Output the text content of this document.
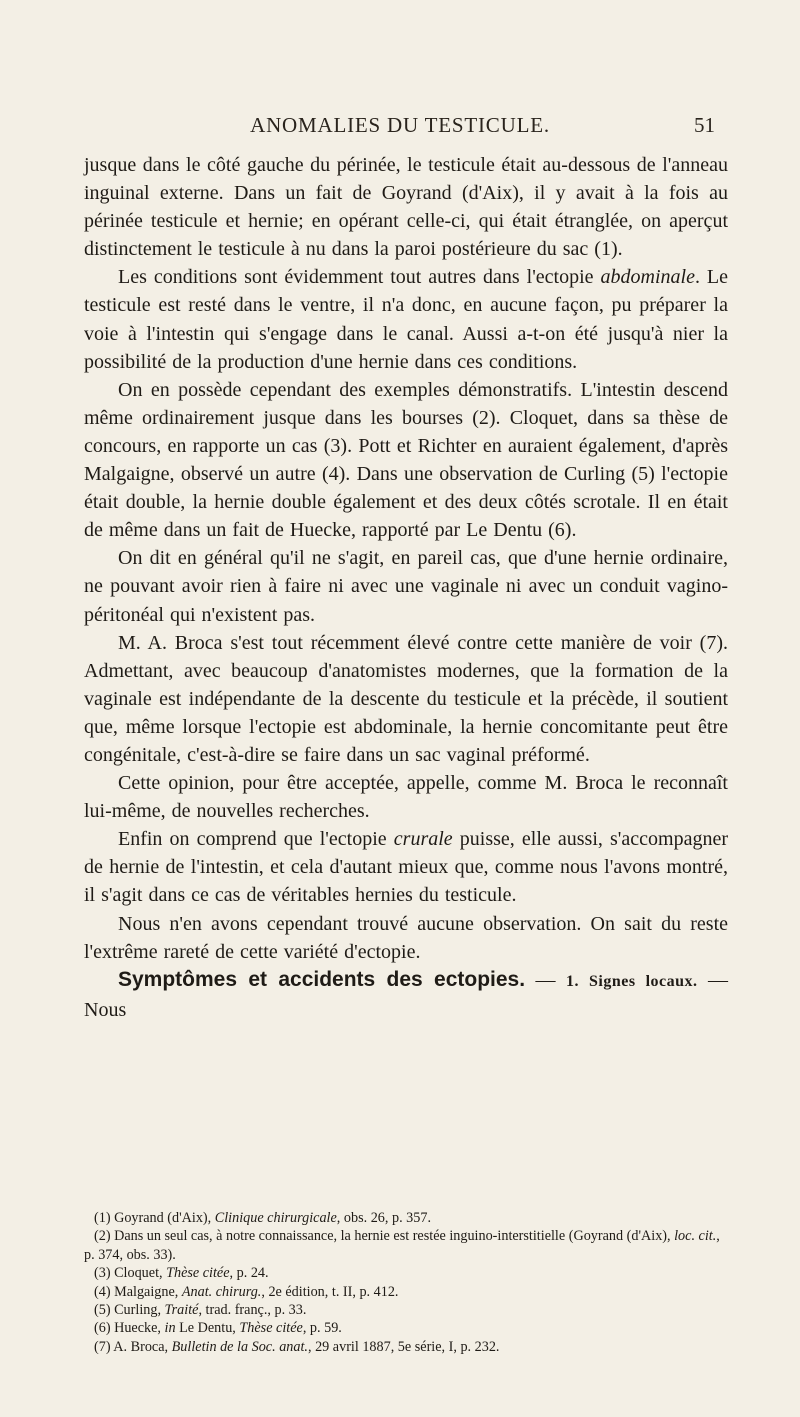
ANOMALIES DU TESTICULE.	51

jusque dans le côté gauche du périnée, le testicule était au-dessous de l'anneau inguinal externe. Dans un fait de Goyrand (d'Aix), il y avait à la fois au périnée testicule et hernie; en opérant celle-ci, qui était étranglée, on aperçut distinctement le testicule à nu dans la paroi postérieure du sac (1).

Les conditions sont évidemment tout autres dans l'ectopie abdominale. Le testicule est resté dans le ventre, il n'a donc, en aucune façon, pu préparer la voie à l'intestin qui s'engage dans le canal. Aussi a-t-on été jusqu'à nier la possibilité de la production d'une hernie dans ces conditions.

On en possède cependant des exemples démonstratifs. L'intestin descend même ordinairement jusque dans les bourses (2). Cloquet, dans sa thèse de concours, en rapporte un cas (3). Pott et Richter en auraient également, d'après Malgaigne, observé un autre (4). Dans une observation de Curling (5) l'ectopie était double, la hernie double également et des deux côtés scrotale. Il en était de même dans un fait de Huecke, rapporté par Le Dentu (6).

On dit en général qu'il ne s'agit, en pareil cas, que d'une hernie ordinaire, ne pouvant avoir rien à faire ni avec une vaginale ni avec un conduit vagino-péritonéal qui n'existent pas.

M. A. Broca s'est tout récemment élevé contre cette manière de voir (7). Admettant, avec beaucoup d'anatomistes modernes, que la formation de la vaginale est indépendante de la descente du testicule et la précède, il soutient que, même lorsque l'ectopie est abdominale, la hernie concomitante peut être congénitale, c'est-à-dire se faire dans un sac vaginal préformé.

Cette opinion, pour être acceptée, appelle, comme M. Broca le reconnaît lui-même, de nouvelles recherches.

Enfin on comprend que l'ectopie crurale puisse, elle aussi, s'accompagner de hernie de l'intestin, et cela d'autant mieux que, comme nous l'avons montré, il s'agit dans ce cas de véritables hernies du testicule.

Nous n'en avons cependant trouvé aucune observation. On sait du reste l'extrême rareté de cette variété d'ectopie.

Symptômes et accidents des ectopies. — 1. Signes locaux. — Nous

(1) Goyrand (d'Aix), Clinique chirurgicale, obs. 26, p. 357.

(2) Dans un seul cas, à notre connaissance, la hernie est restée inguino-interstitielle (Goyrand (d'Aix), loc. cit., p. 374, obs. 33).

(3) Cloquet, Thèse citée, p. 24.

(4) Malgaigne, Anat. chirurg., 2e édition, t. II, p. 412.

(5) Curling, Traité, trad. franç., p. 33.

(6) Huecke, in Le Dentu, Thèse citée, p. 59.

(7) A. Broca, Bulletin de la Soc. anat., 29 avril 1887, 5e série, I, p. 232.
